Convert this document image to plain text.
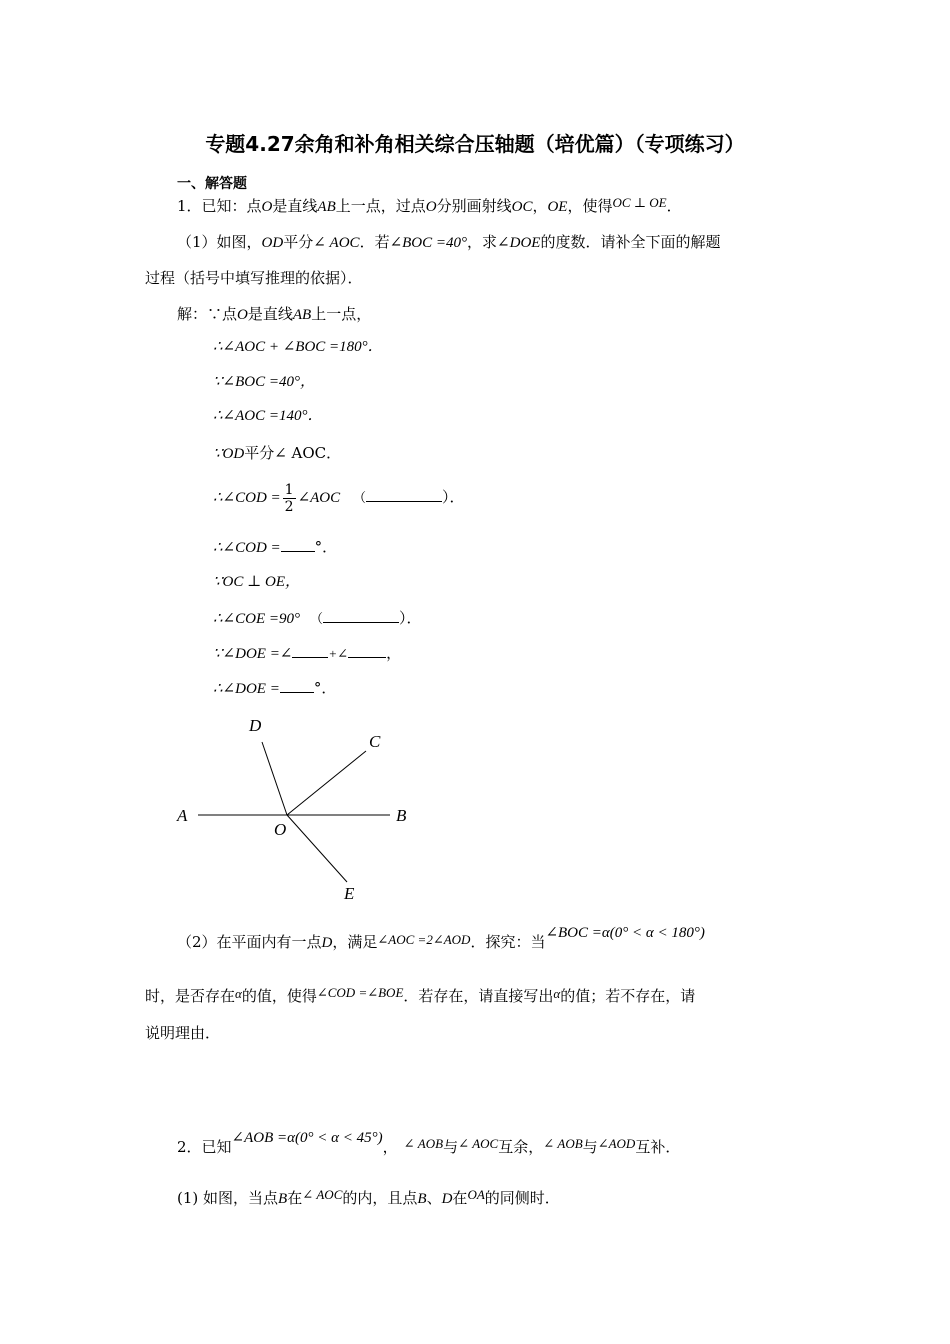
专题4.27余角和补角相关综合压轴题（培优篇）（专项练习）
一、解答题
1．已知：点O是直线AB上一点，过点O分别画射线OC，OE，使得OC ⊥ OE．
（1）如图，OD平分∠ AOC．若∠BOC =40°，求∠DOE的度数．请补全下面的解题
过程（括号中填写推理的依据）．
解：∵点O是直线AB上一点，
∴∠AOC + ∠BOC =180°．
∵∠BOC =40°，
∴∠AOC =140°．
∵OD平分∠ AOC．
∴∠COD = $\frac{1}{2}$ ∠AOC （	）．
∴∠COD = °．
∵OC ⊥ OE，
∴∠COE =90° （	）．
∵∠DOE =∠	+∠	，
∴∠DOE = °．
A	B
C
D
E
O
（2）在平面内有一点D，满足∠AOC =2∠AOD．探究：当∠BOC =α(0° < α < 180°)
时，是否存在α的值，使得∠COD =∠BOE．若存在，请直接写出α的值；若不存在，请
说明理由．
2．已知∠AOB =α(0° < α < 45°)， ∠ AOB与∠ AOC互余，∠ AOB与∠AOD互补．
(1) 如图，当点B在∠ AOC的内，且点B、D在OA的同侧时．
